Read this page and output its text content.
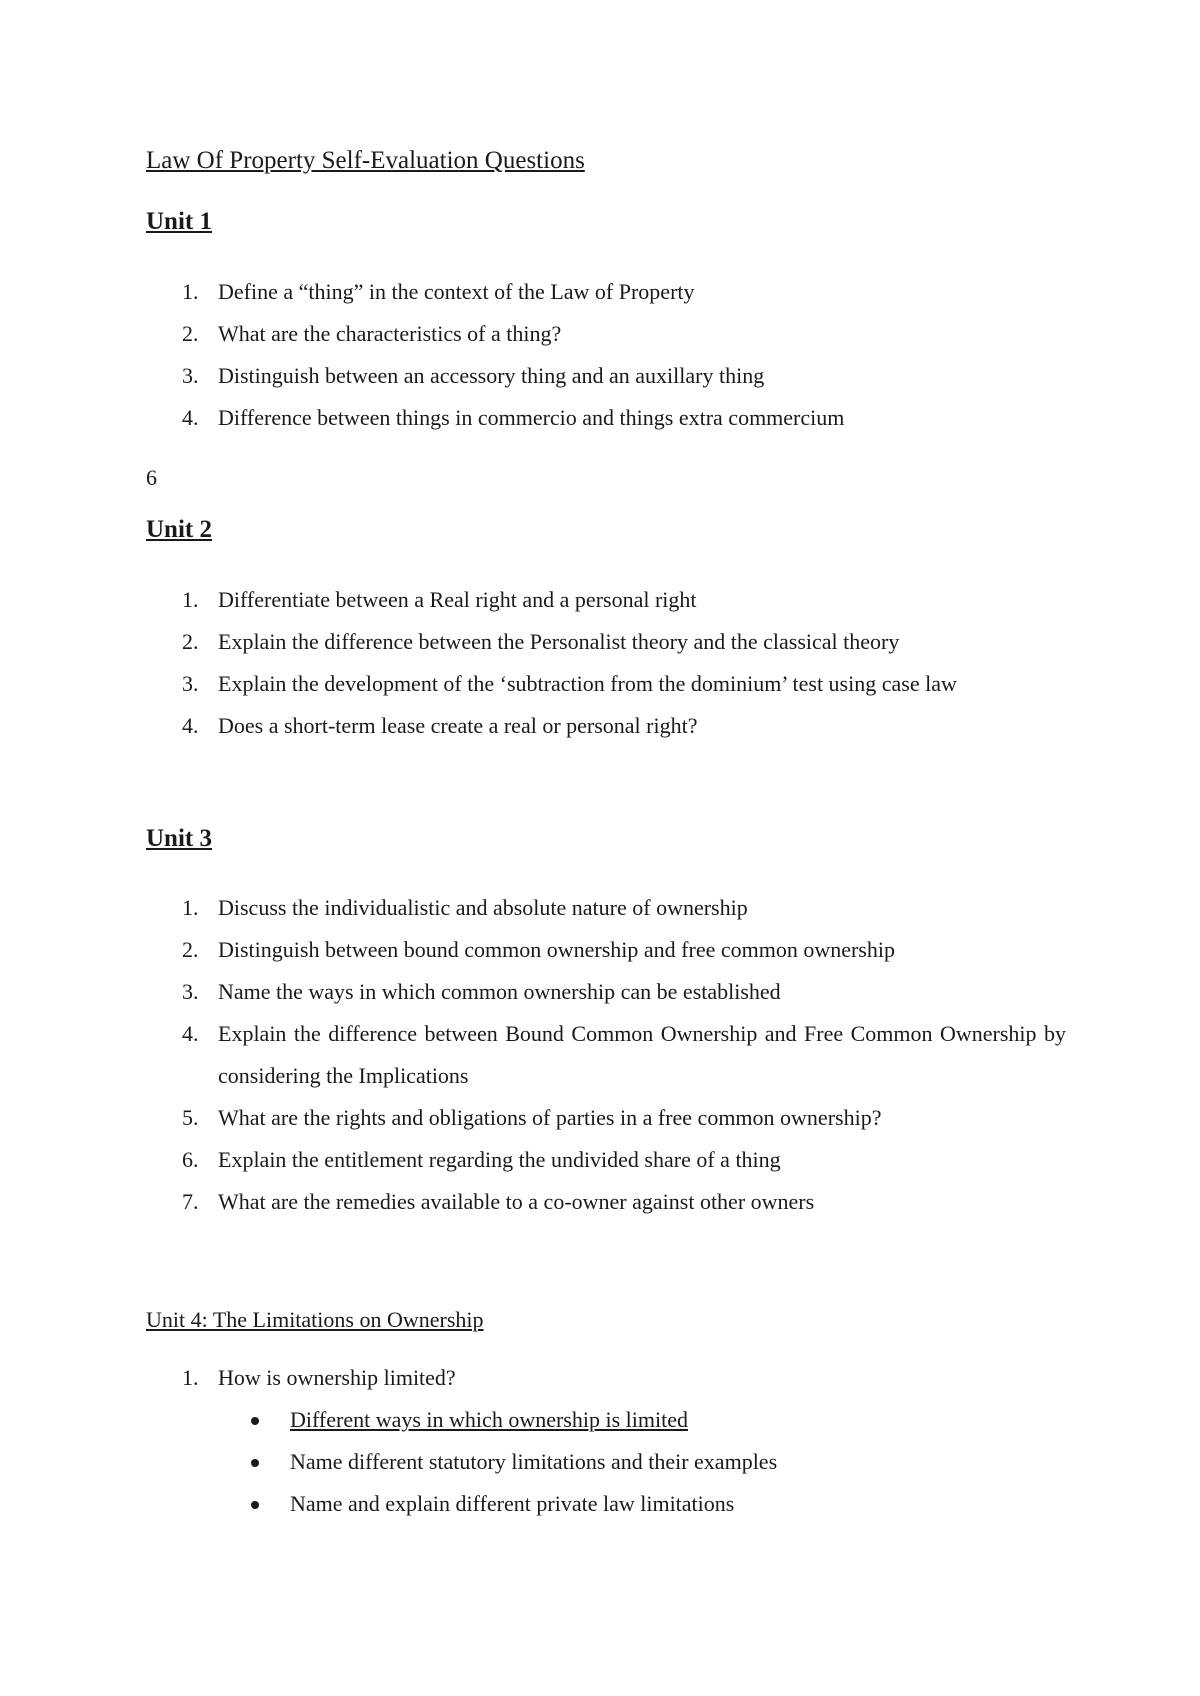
Law Of Property Self-Evaluation Questions
Unit 1
1. Define a “thing” in the context of the Law of Property
2. What are the characteristics of a thing?
3. Distinguish between an accessory thing and an auxillary thing
4. Difference between things in commercio and things extra commercium
6
Unit 2
1. Differentiate between a Real right and a personal right
2. Explain the difference between the Personalist theory and the classical theory
3. Explain the development of the ‘subtraction from the dominium’ test using case law
4. Does a short-term lease create a real or personal right?
Unit 3
1. Discuss the individualistic and absolute nature of ownership
2. Distinguish between bound common ownership and free common ownership
3. Name the ways in which common ownership can be established
4. Explain the difference between Bound Common Ownership and Free Common Ownership by considering the Implications
5. What are the rights and obligations of parties in a free common ownership?
6. Explain the entitlement regarding the undivided share of a thing
7. What are the remedies available to a co-owner against other owners
Unit 4: The Limitations on Ownership
1. How is ownership limited?
Different ways in which ownership is limited
Name different statutory limitations and their examples
Name and explain different private law limitations
